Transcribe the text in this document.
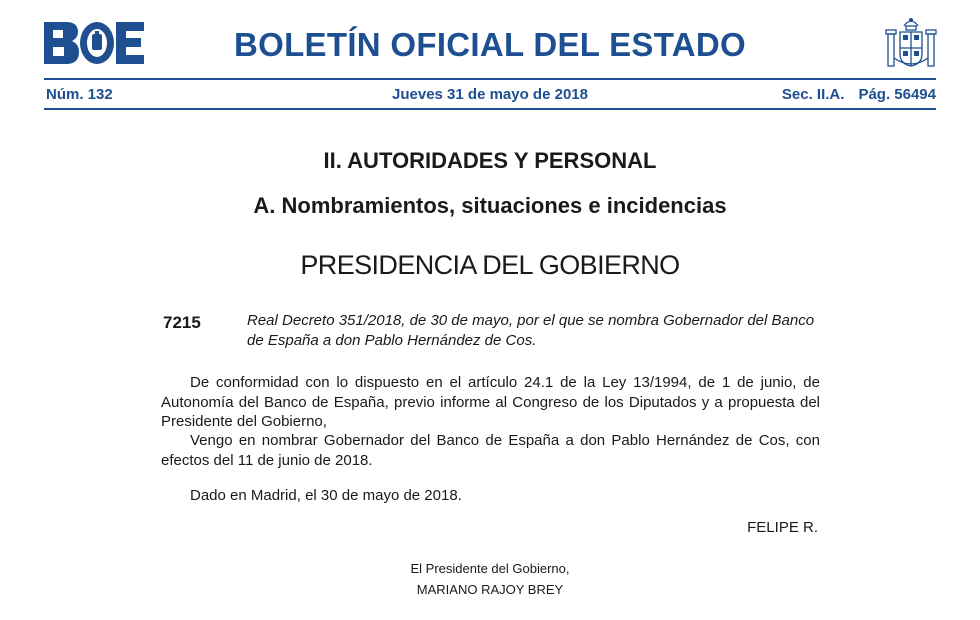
BOLETÍN OFICIAL DEL ESTADO
Núm. 132	Jueves 31 de mayo de 2018	Sec. II.A. Pág. 56494
II. AUTORIDADES Y PERSONAL
A. Nombramientos, situaciones e incidencias
PRESIDENCIA DEL GOBIERNO
7215	Real Decreto 351/2018, de 30 de mayo, por el que se nombra Gobernador del Banco de España a don Pablo Hernández de Cos.
De conformidad con lo dispuesto en el artículo 24.1 de la Ley 13/1994, de 1 de junio, de Autonomía del Banco de España, previo informe al Congreso de los Diputados y a propuesta del Presidente del Gobierno,
Vengo en nombrar Gobernador del Banco de España a don Pablo Hernández de Cos, con efectos del 11 de junio de 2018.
Dado en Madrid, el 30 de mayo de 2018.
FELIPE R.
El Presidente del Gobierno,
MARIANO RAJOY BREY
